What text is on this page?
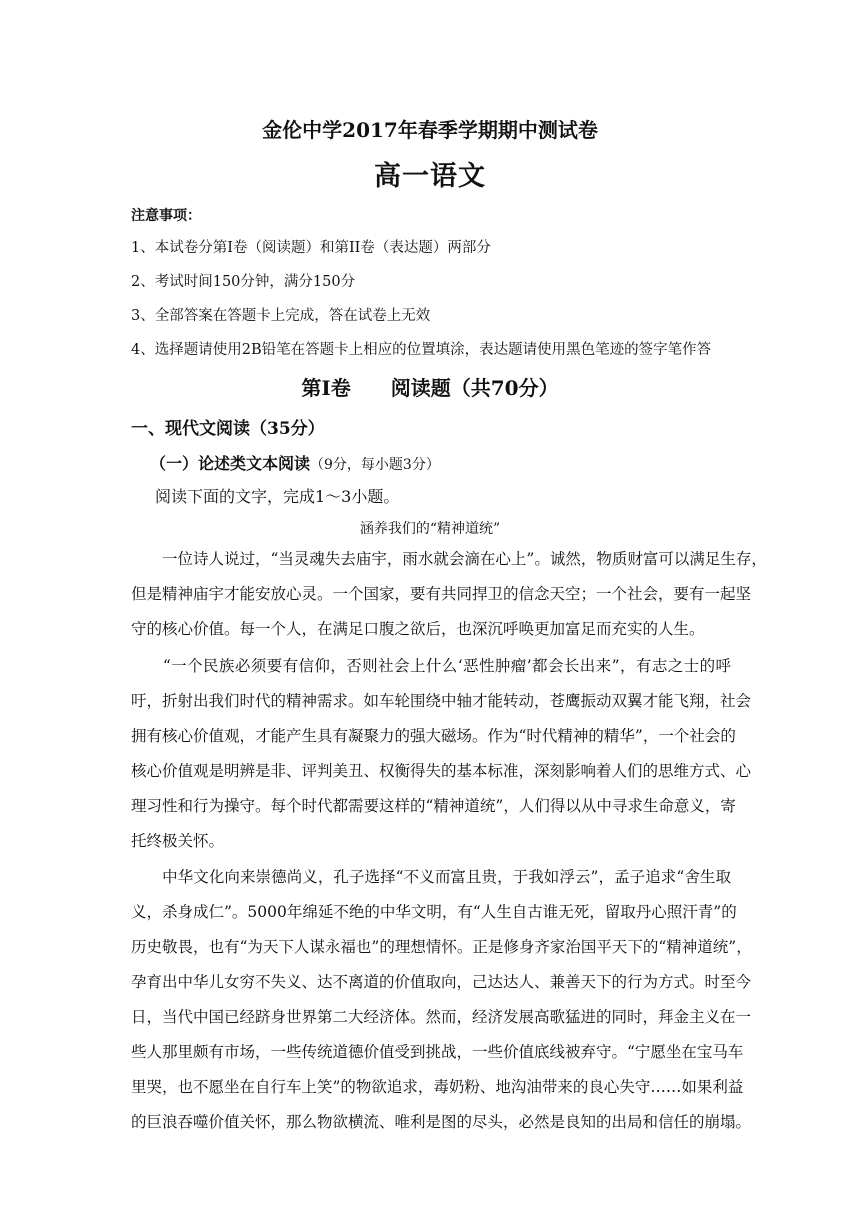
金伦中学2017年春季学期期中测试卷
高一语文
注意事项：
1、本试卷分第Ⅰ卷（阅读题）和第II卷（表达题）两部分
2、考试时间150分钟，满分150分
3、全部答案在答题卡上完成，答在试卷上无效
4、选择题请使用2B铅笔在答题卡上相应的位置填涂，表达题请使用黑色笔迹的签字笔作答
第Ⅰ卷　　阅读题（共70分）
一、现代文阅读（35分）
（一）论述类文本阅读（9分，每小题3分）
阅读下面的文字，完成1～3小题。
涵养我们的“精神道统”
　　一位诗人说过，“当灵魂失去庙宇，雨水就会滴在心上”。诚然，物质财富可以满足生存，
但是精神庙宇才能安放心灵。一个国家，要有共同捍卫的信念天空；一个社会，要有一起坚
守的核心价值。每一个人，在满足口腹之欲后，也深沉呼唤更加富足而充实的人生。
　　“一个民族必须要有信仰，否则社会上什么‘恶性肿瘤’都会长出来”，有志之士的呼
吁，折射出我们时代的精神需求。如车轮围绕中轴才能转动，苍鹰振动双翼才能飞翔，社会
拥有核心价值观，才能产生具有凝聚力的强大磁场。作为“时代精神的精华”，一个社会的
核心价值观是明辨是非、评判美丑、权衡得失的基本标准，深刻影响着人们的思维方式、心
理习性和行为操守。每个时代都需要这样的“精神道统”，人们得以从中寻求生命意义，寄
托终极关怀。
　　中华文化向来崇德尚义，孔子选择“不义而富且贵，于我如浮云”，孟子追求“舍生取
义，杀身成仁”。5000年绵延不绝的中华文明，有“人生自古谁无死，留取丹心照汗青”的
历史敬畏，也有“为天下人谋永福也”的理想情怀。正是修身齐家治国平天下的“精神道统”，
孕育出中华儿女穷不失义、达不离道的价值取向，己达达人、兼善天下的行为方式。时至今
日，当代中国已经跻身世界第二大经济体。然而，经济发展高歌猛进的同时，拜金主义在一
些人那里颇有市场，一些传统道德价值受到挑战，一些价值底线被弃守。“宁愿坐在宝马车
里哭，也不愿坐在自行车上笑”的物欲追求，毒奶粉、地沟油带来的良心失守……如果利益
的巨浪吞噬价值关怀，那么物欲横流、唯利是图的尽头，必然是良知的出局和信任的崩塌。
